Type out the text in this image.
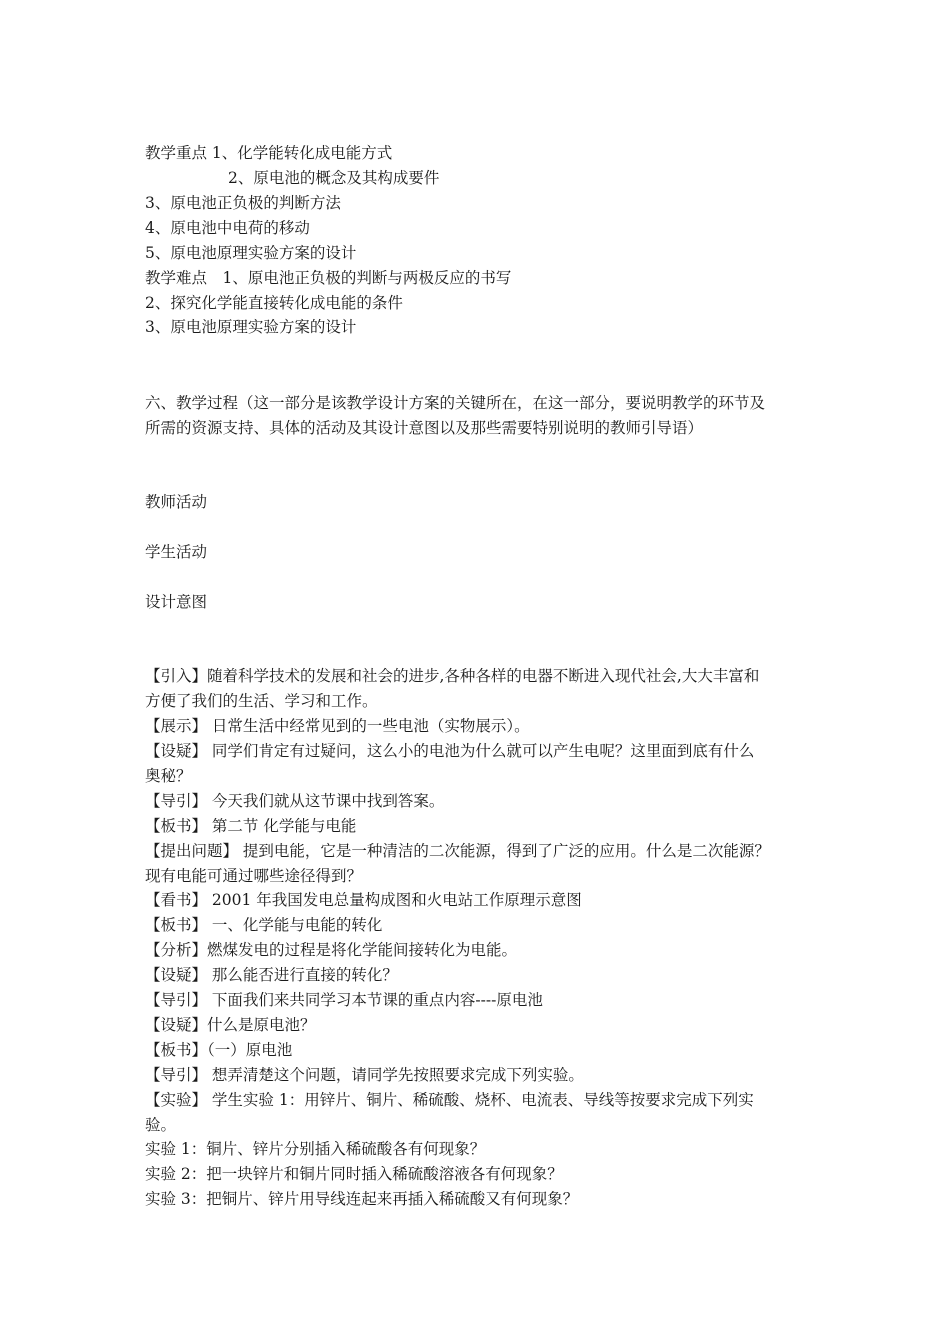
教学重点 1、化学能转化成电能方式
2、原电池的概念及其构成要件
3、原电池正负极的判断方法
4、原电池中电荷的移动
5、原电池原理实验方案的设计
教学难点　1、原电池正负极的判断与两极反应的书写
2、探究化学能直接转化成电能的条件
3、原电池原理实验方案的设计
六、教学过程（这一部分是该教学设计方案的关键所在，在这一部分，要说明教学的环节及
所需的资源支持、具体的活动及其设计意图以及那些需要特别说明的教师引导语）
教师活动
学生活动
设计意图
【引入】随着科学技术的发展和社会的进步,各种各样的电器不断进入现代社会,大大丰富和
方便了我们的生活、学习和工作。
【展示】 日常生活中经常见到的一些电池（实物展示）。
【设疑】 同学们肯定有过疑问，这么小的电池为什么就可以产生电呢？这里面到底有什么
奥秘？
【导引】 今天我们就从这节课中找到答案。
【板书】 第二节 化学能与电能
【提出问题】 提到电能，它是一种清洁的二次能源，得到了广泛的应用。什么是二次能源？
现有电能可通过哪些途径得到？
【看书】 2001 年我国发电总量构成图和火电站工作原理示意图
【板书】 一、化学能与电能的转化
【分析】燃煤发电的过程是将化学能间接转化为电能。
【设疑】 那么能否进行直接的转化？
【导引】 下面我们来共同学习本节课的重点内容----原电池
【设疑】什么是原电池？
【板书】（一）原电池
【导引】 想弄清楚这个问题，请同学先按照要求完成下列实验。
【实验】 学生实验 1：用锌片、铜片、稀硫酸、烧杯、电流表、导线等按要求完成下列实
验。
实验 1：铜片、锌片分别插入稀硫酸各有何现象？
实验 2：把一块锌片和铜片同时插入稀硫酸溶液各有何现象？
实验 3：把铜片、锌片用导线连起来再插入稀硫酸又有何现象？
